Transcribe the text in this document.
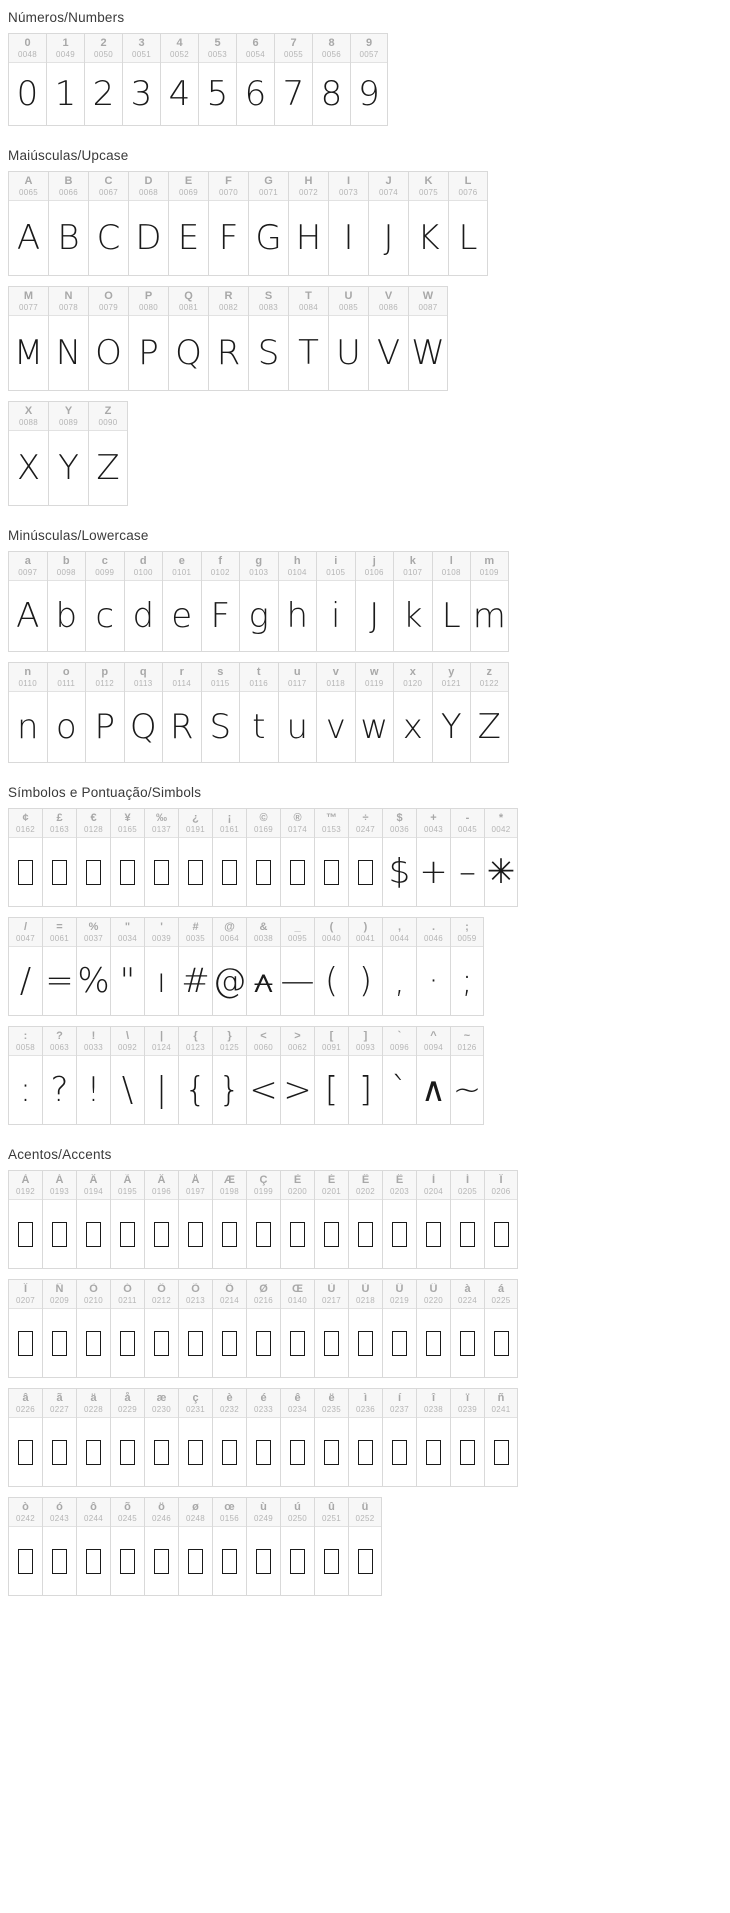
Números/Numbers
0
0048
0
1
0049
1
2
0050
2
3
0051
3
4
0052
4
5
0053
5
6
0054
6
7
0055
7
8
0056
8
9
0057
9
Maiúsculas/Upcase
A
0065
A
B
0066
B
C
0067
C
D
0068
D
E
0069
E
F
0070
F
G
0071
G
H
0072
H
I
0073
I
J
0074
J
K
0075
K
L
0076
L
M
0077
M
N
0078
N
O
0079
O
P
0080
P
Q
0081
Q
R
0082
R
S
0083
S
T
0084
T
U
0085
U
V
0086
V
W
0087
W
X
0088
X
Y
0089
Y
Z
0090
Z
Minúsculas/Lowercase
a
0097
A
b
0098
b
c
0099
c
d
0100
d
e
0101
e
f
0102
F
g
0103
g
h
0104
h
i
0105
i
j
0106
J
k
0107
k
l
0108
L
m
0109
m
n
0110
n
o
0111
o
p
0112
P
q
0113
Q
r
0114
R
s
0115
S
t
0116
t
u
0117
u
v
0118
v
w
0119
w
x
0120
x
y
0121
Y
z
0122
Z
Símbolos e Pontuação/Simbols
¢
0162
£
0163
€
0128
¥
0165
‰
0137
¿
0191
¡
0161
©
0169
®
0174
™
0153
÷
0247
$
0036
$
+
0043
+
-
0045
–
*
0042
✳
/
0047
/
=
0061
=
%
0037
%
"
0034
"
'
0039
ı
#
0035
#
@
0064
@
&
0038
⩜
_
0095
—
(
0040
(
)
0041
)
,
0044
,
.
0046
·
;
0059
;
:
0058
:
?
0063
?
!
0033
!
\
0092
\
|
0124
|
{
0123
{
}
0125
}
<
0060
<
>
0062
>
[
0091
[
]
0093
]
`
0096
`
^
0094
∧
~
0126
~
Acentos/Accents
À
0192
Á
0193
Â
0194
Ã
0195
Ä
0196
Å
0197
Æ
0198
Ç
0199
È
0200
É
0201
Ê
0202
Ë
0203
Ì
0204
Í
0205
Î
0206
Ï
0207
Ñ
0209
Ò
0210
Ó
0211
Ô
0212
Õ
0213
Ö
0214
Ø
0216
Œ
0140
Ù
0217
Ú
0218
Û
0219
Ü
0220
à
0224
á
0225
â
0226
ã
0227
ä
0228
å
0229
æ
0230
ç
0231
è
0232
é
0233
ê
0234
ë
0235
ì
0236
í
0237
î
0238
ï
0239
ñ
0241
ò
0242
ó
0243
ô
0244
õ
0245
ö
0246
ø
0248
œ
0156
ù
0249
ú
0250
û
0251
ü
0252
